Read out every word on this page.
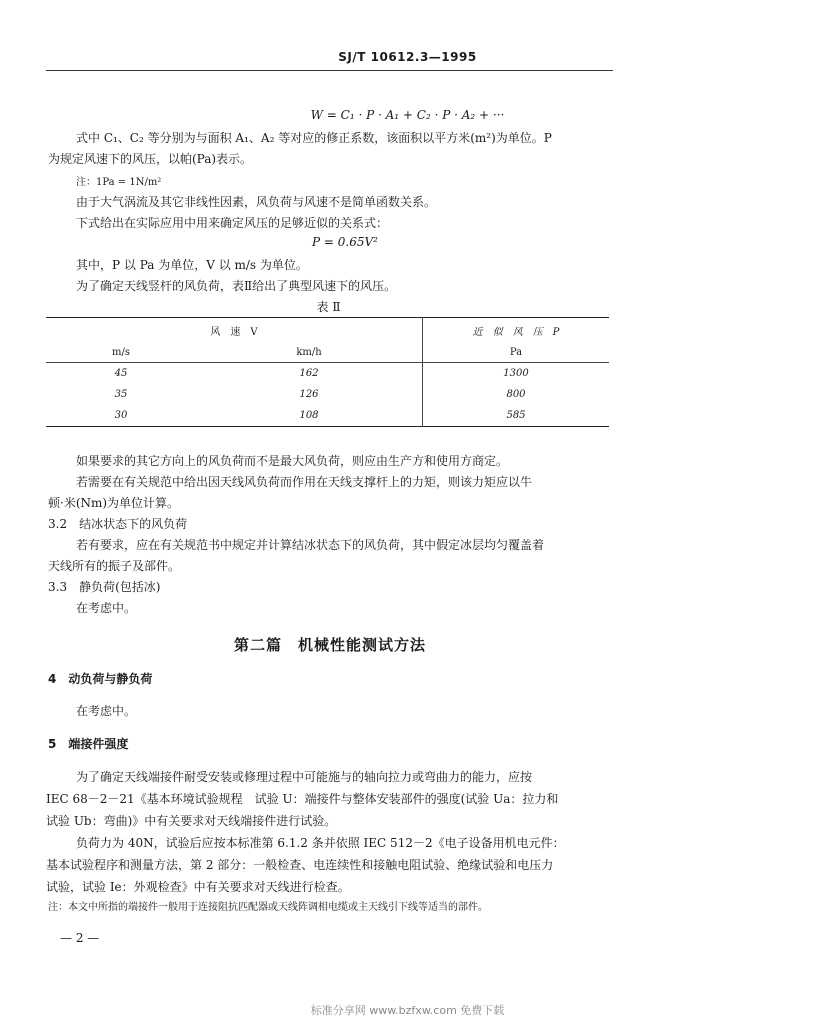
SJ/T 10612.3—1995
W = C₁ · P · A₁ + C₂ · P · A₂ + ···
式中 C₁、C₂ 等分别为与面积 A₁、A₂ 等对应的修正系数，该面积以平方米(m²)为单位。P
为规定风速下的风压，以帕(Pa)表示。
注：1Pa = 1N/m²
由于大气涡流及其它非线性因素，风负荷与风速不是简单函数关系。
下式给出在实际应用中用来确定风压的足够近似的关系式：
P = 0.65V²
其中，P 以 Pa 为单位，V 以 m/s 为单位。
为了确定天线竖杆的风负荷，表Ⅱ给出了典型风速下的风压。
表 Ⅱ
风　速　V		近　似　风　压　P
m/s	km/h	Pa
45	162	1300
35	126	800
30	108	585
如果要求的其它方向上的风负荷而不是最大风负荷，则应由生产方和使用方商定。
若需要在有关规范中给出因天线风负荷而作用在天线支撑杆上的力矩，则该力矩应以牛
顿·米(Nm)为单位计算。
3.2　结冰状态下的风负荷
若有要求，应在有关规范书中规定并计算结冰状态下的风负荷，其中假定冰层均匀覆盖着
天线所有的振子及部件。
3.3　静负荷(包括冰)
在考虑中。
第二篇　机械性能测试方法
4　动负荷与静负荷
在考虑中。
5　端接件强度
为了确定天线端接件耐受安装或修理过程中可能施与的轴向拉力或弯曲力的能力，应按
IEC 68－2－21《基本环境试验规程　试验 U：端接件与整体安装部件的强度(试验 Ua：拉力和
试验 Ub：弯曲)》中有关要求对天线端接件进行试验。
负荷力为 40N，试验后应按本标准第 6.1.2 条并依照 IEC 512－2《电子设备用机电元件：
基本试验程序和测量方法，第 2 部分：一般检查、电连续性和接触电阻试验、绝缘试验和电压力
试验，试验 Ie：外观检查》中有关要求对天线进行检查。
注：本文中所指的端接件一般用于连接阻抗匹配器或天线阵调相电缆或主天线引下线等适当的部件。
— 2 —
标准分享网 www.bzfxw.com 免费下载
